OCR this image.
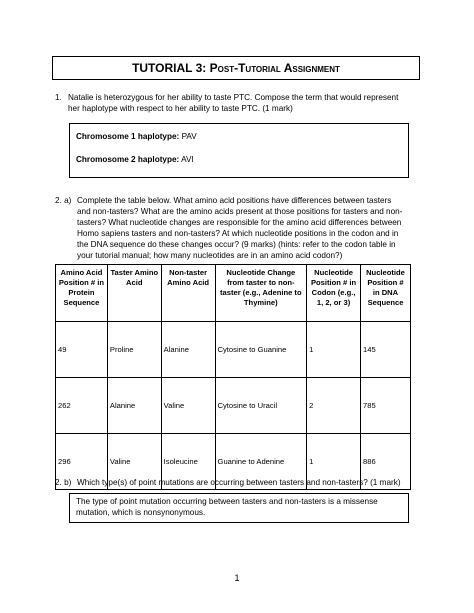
TUTORIAL 3:
Post-Tutorial Assignment
1. Natalie is heterozygous for her ability to taste PTC. Compose the term that would represent
her haplotype with respect to her ability to taste PTC. (1 mark)
Chromosome 1 haplotype: PAV
Chromosome 2 haplotype: AVI
2. a) Complete the table below. What amino acid positions have differences between tasters
and non-tasters? What are the amino acids present at those positions for tasters and non-
tasters? What nucleotide changes are responsible for the amino acid differences between
Homo sapiens tasters and non-tasters? At which nucleotide positions in the codon and in
the DNA sequence do these changes occur? (9 marks) (hints: refer to the codon table in
your tutorial manual; how many nucleotides are in an amino acid codon?)
Amino Acid Position # in Protein Sequence	Taster Amino Acid	Non-taster Amino Acid	Nucleotide Change from taster to non-taster (e.g., Adenine to Thymine)	Nucleotide Position # in Codon (e.g., 1, 2, or 3)	Nucleotide Position # in DNA Sequence
49	Proline	Alanine	Cytosine to Guanine	1	145
262	Alanine	Valine	Cytosine to Uracil	2	785
296	Valine	Isoleucine	Guanine to Adenine	1	886
2. b) Which type(s) of point mutations are occurring between tasters and non-tasters? (1 mark)
The type of point mutation occurring between tasters and non-tasters is a missense
mutation, which is nonsynonymous.
1
